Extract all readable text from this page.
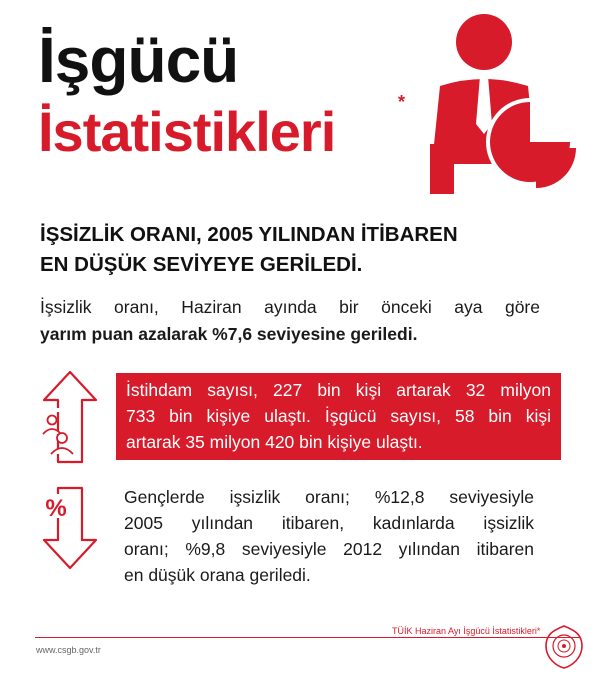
İşgücü
İstatistikleri	*
İŞSİZLİK ORANI, 2005 YILINDAN İTİBAREN
EN DÜŞÜK SEVİYEYE GERİLEDİ.
İşsizlik oranı, Haziran ayında bir önceki aya göre
yarım puan azalarak %7,6 seviyesine geriledi.
İstihdam sayısı, 227 bin kişi artarak 32 milyon
733 bin kişiye ulaştı. İşgücü sayısı, 58 bin kişi
artarak 35 milyon 420 bin kişiye ulaştı.
%	Gençlerde işsizlik oranı; %12,8 seviyesiyle
2005 yılından itibaren, kadınlarda işsizlik
oranı; %9,8 seviyesiyle 2012 yılından itibaren
en düşük orana geriledi.
TÜİK Haziran Ayı İşgücü İstatistikleri*
www.csgb.gov.tr
